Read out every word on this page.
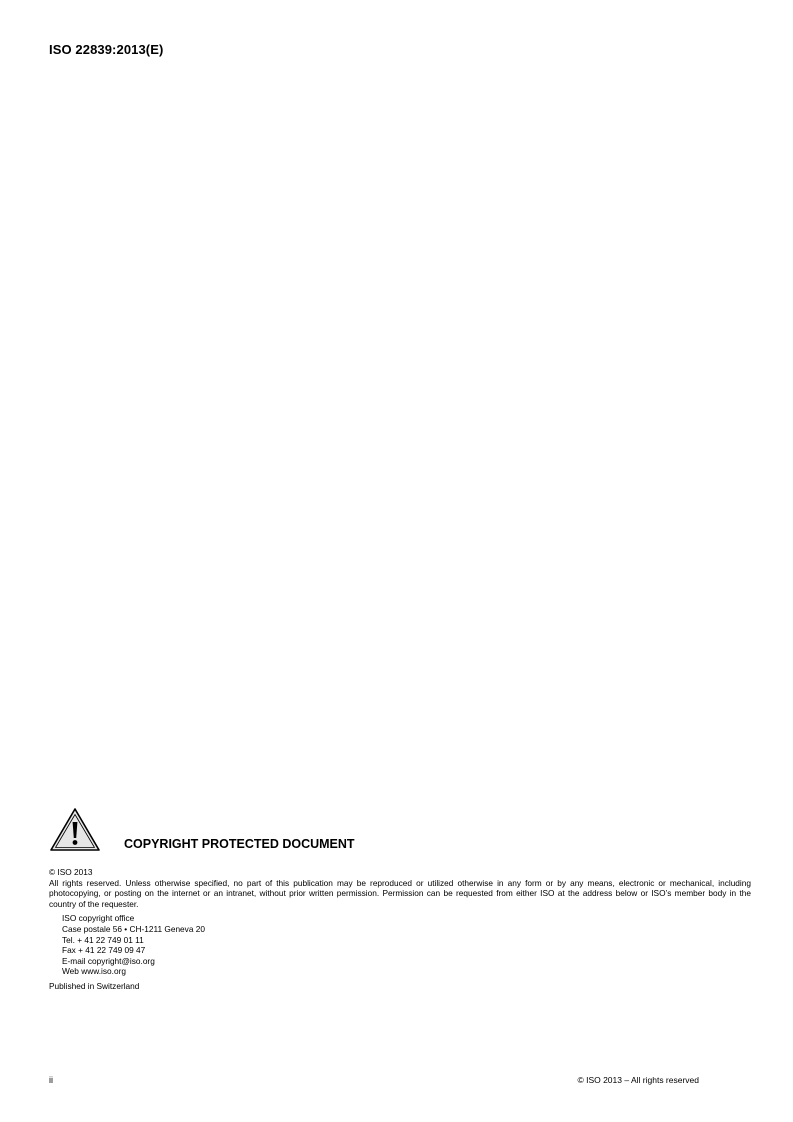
ISO 22839:2013(E)
COPYRIGHT PROTECTED DOCUMENT
© ISO 2013

All rights reserved. Unless otherwise specified, no part of this publication may be reproduced or utilized otherwise in any form or by any means, electronic or mechanical, including photocopying, or posting on the internet or an intranet, without prior written permission. Permission can be requested from either ISO at the address below or ISO’s member body in the country of the requester.

ISO copyright office
Case postale 56 • CH-1211 Geneva 20
Tel. + 41 22 749 01 11
Fax + 41 22 749 09 47
E-mail copyright@iso.org
Web www.iso.org
Published in Switzerland
ii	© ISO 2013 – All rights reserved
